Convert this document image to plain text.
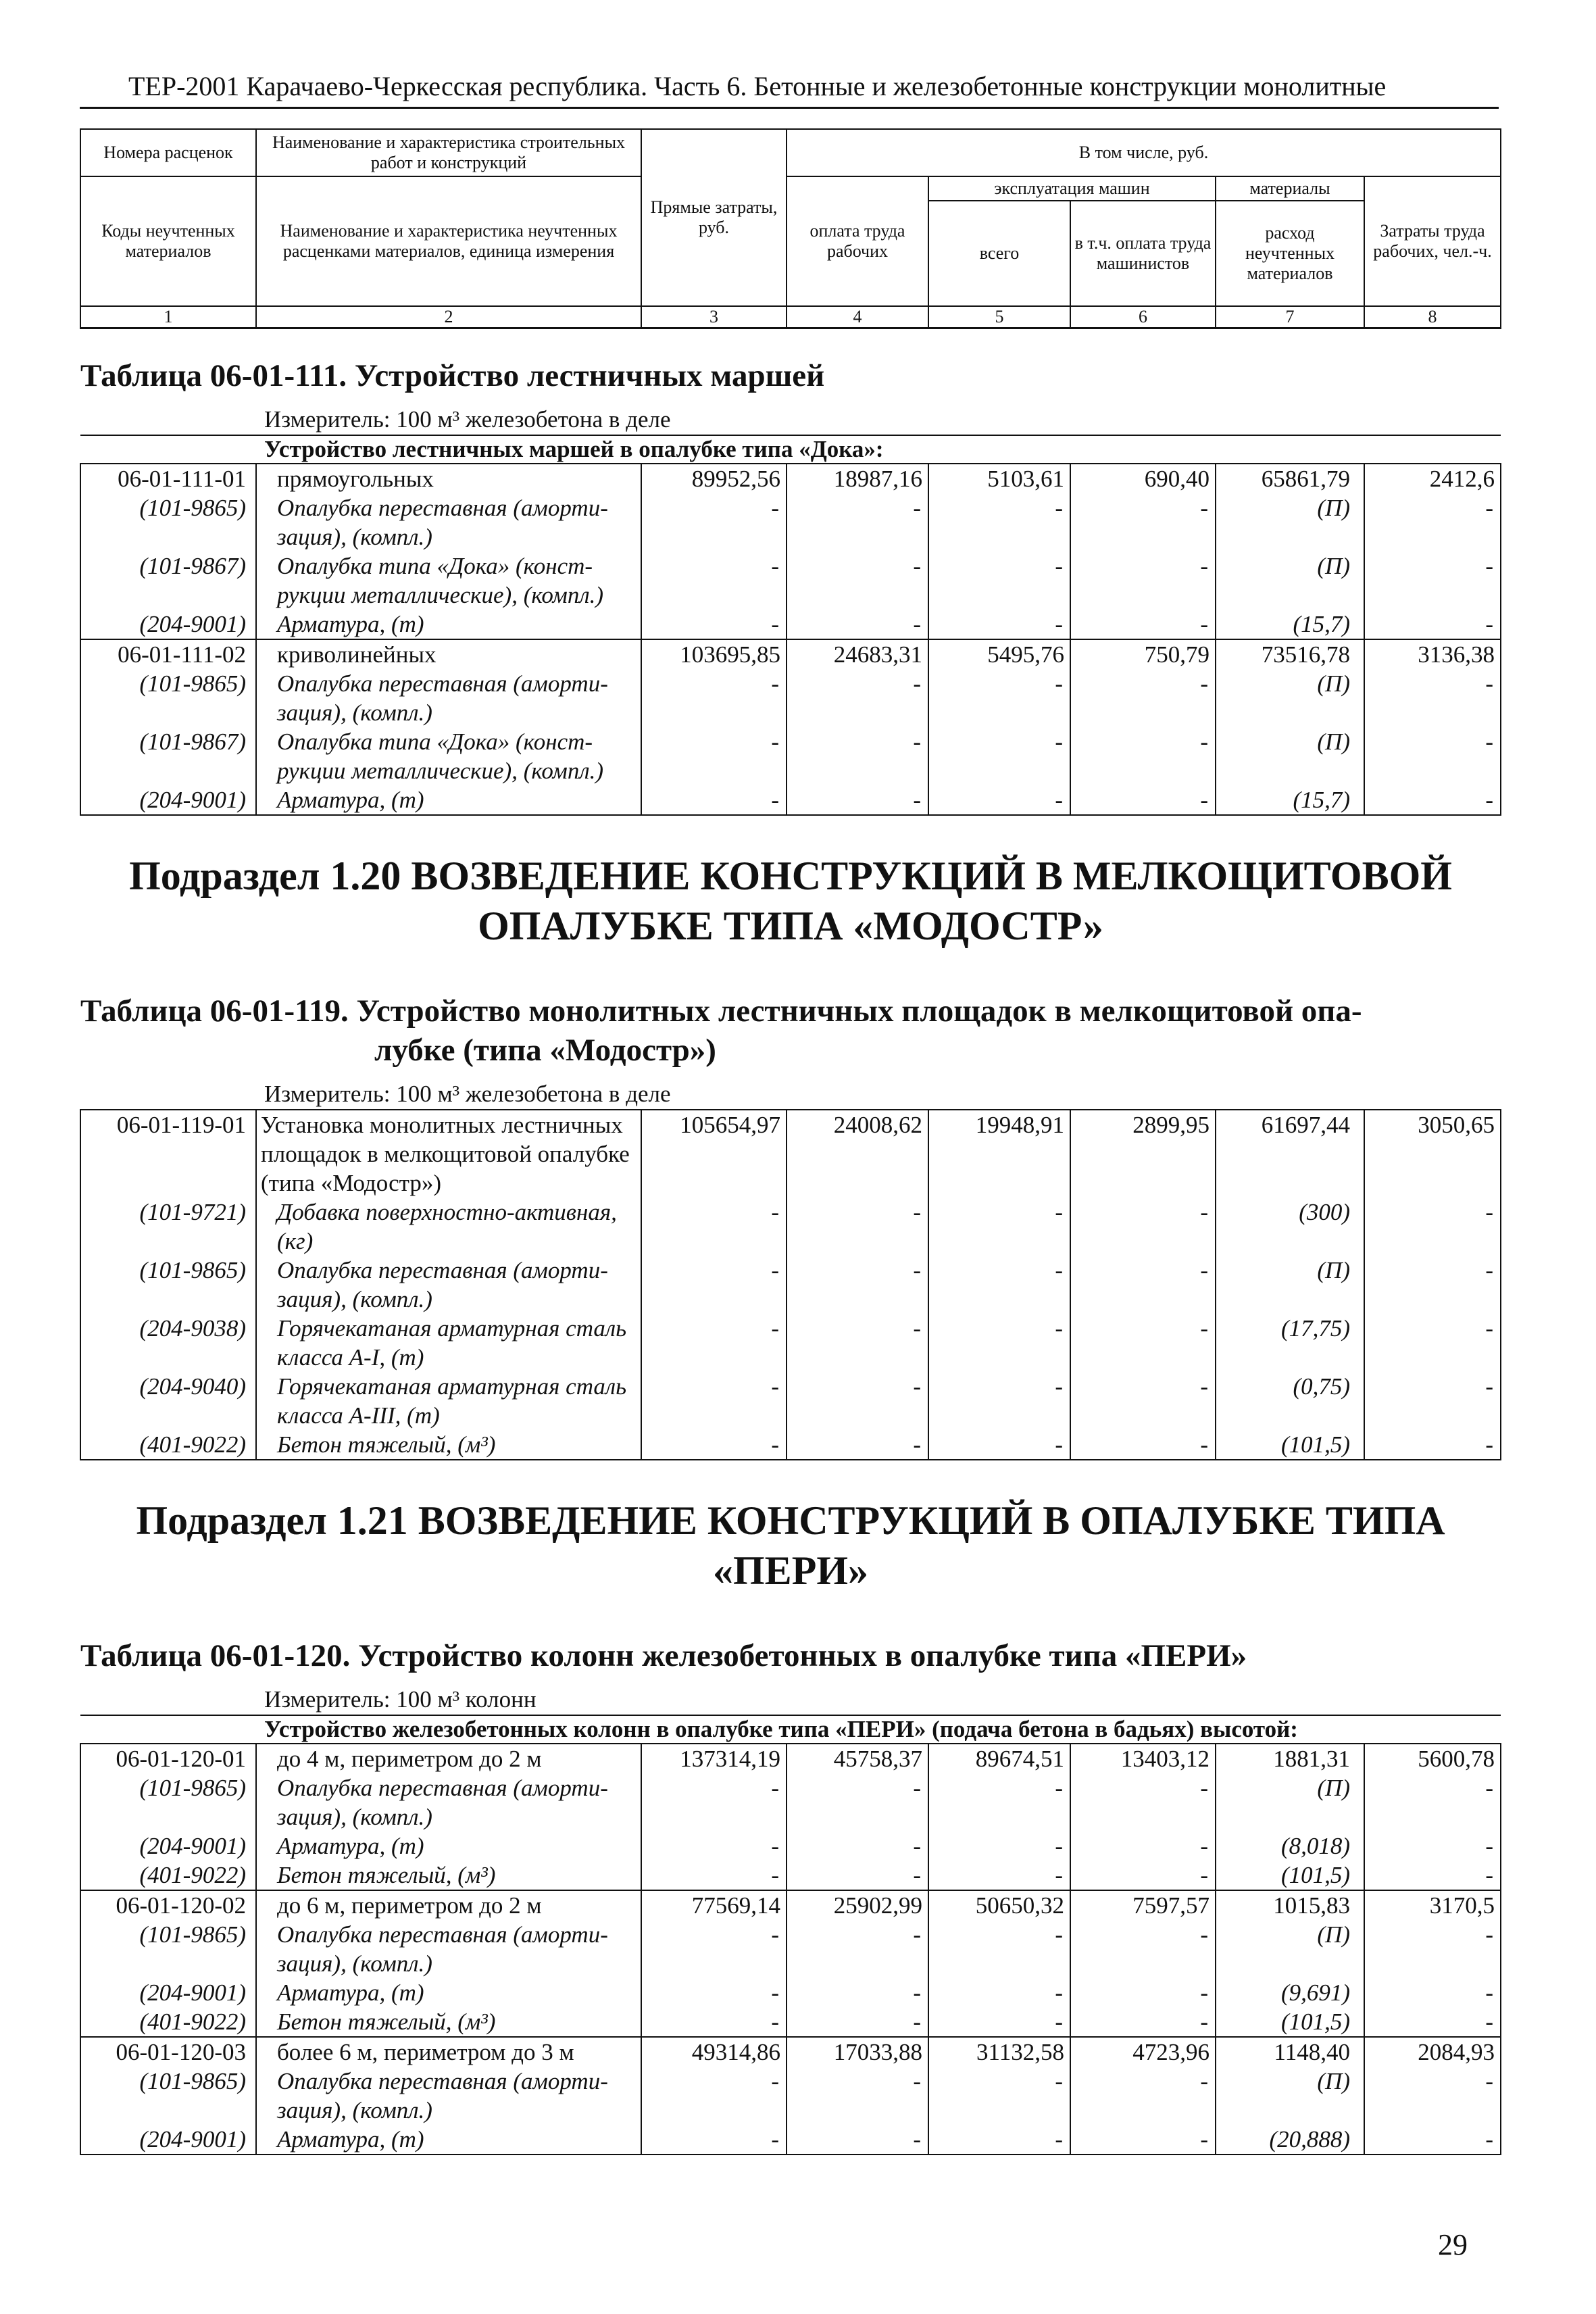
ТЕР-2001 Карачаево-Черкесская республика. Часть 6. Бетонные и железобетонные конструкции монолитные
Номера расценок	Наименование и характеристика строительных работ и конструкций	Прямые затраты, руб.	В том числе, руб.				
Коды неучтенных материалов	Наименование и характеристика неучтенных расценками материалов, единица измерения		оплата труда рабочих	эксплуатация машин		материалы	Затраты труда рабочих, чел.-ч.
				всего	в т.ч. оплата труда машинистов	расход неучтенных материалов	
1	2	3	4	5	6	7	8
Таблица 06-01-111. Устройство лестничных маршей							
Измеритель: 100 м³ железобетона в деле							
Устройство лестничных маршей в опалубке типа «Дока»:							
06-01-111-01	прямоугольных	89952,56	18987,16	5103,61	690,40	65861,79	2412,6
(101-9865)	Опалубка переставная (аморти-зация), (компл.)	-	-	-	-	(П)	-
(101-9867)	Опалубка типа «Дока» (конст-рукции металлические), (компл.)	-	-	-	-	(П)	-
(204-9001)	Арматура, (т)	-	-	-	-	(15,7)	-
06-01-111-02	криволинейных	103695,85	24683,31	5495,76	750,79	73516,78	3136,38
(101-9865)	Опалубка переставная (аморти-зация), (компл.)	-	-	-	-	(П)	-
(101-9867)	Опалубка типа «Дока» (конст-рукции металлические), (компл.)	-	-	-	-	(П)	-
(204-9001)	Арматура, (т)	-	-	-	-	(15,7)	-
Подраздел 1.20 ВОЗВЕДЕНИЕ КОНСТРУКЦИЙ В МЕЛКОЩИТОВОЙ ОПАЛУБКЕ ТИПА «МОДОСТР»							
Таблица 06-01-119. Устройство монолитных лестничных площадок в мелкощитовой опа-
лубке (типа «Модостр»)							
Измеритель: 100 м³ железобетона в деле							
06-01-119-01	Установка монолитных лестничных площадок в мелкощитовой опалубке (типа «Модостр»)	105654,97	24008,62	19948,91	2899,95	61697,44	3050,65
(101-9721)	Добавка поверхностно-активная, (кг)	-	-	-	-	(300)	-
(101-9865)	Опалубка переставная (аморти-зация), (компл.)	-	-	-	-	(П)	-
(204-9038)	Горячекатаная арматурная сталь класса А-I, (т)	-	-	-	-	(17,75)	-
(204-9040)	Горячекатаная арматурная сталь класса А-III, (т)	-	-	-	-	(0,75)	-
(401-9022)	Бетон тяжелый, (м³)	-	-	-	-	(101,5)	-
Подраздел 1.21 ВОЗВЕДЕНИЕ КОНСТРУКЦИЙ В ОПАЛУБКЕ ТИПА «ПЕРИ»							
Таблица 06-01-120. Устройство колонн железобетонных в опалубке типа «ПЕРИ»							
Измеритель: 100 м³ колонн							
Устройство железобетонных колонн в опалубке типа «ПЕРИ» (подача бетона в бадьях) высотой:							
06-01-120-01	до 4 м, периметром до 2 м	137314,19	45758,37	89674,51	13403,12	1881,31	5600,78
(101-9865)	Опалубка переставная (аморти-зация), (компл.)	-	-	-	-	(П)	-
(204-9001)	Арматура, (т)	-	-	-	-	(8,018)	-
(401-9022)	Бетон тяжелый, (м³)	-	-	-	-	(101,5)	-
06-01-120-02	до 6 м, периметром до 2 м	77569,14	25902,99	50650,32	7597,57	1015,83	3170,5
(101-9865)	Опалубка переставная (аморти-зация), (компл.)	-	-	-	-	(П)	-
(204-9001)	Арматура, (т)	-	-	-	-	(9,691)	-
(401-9022)	Бетон тяжелый, (м³)	-	-	-	-	(101,5)	-
06-01-120-03	более 6 м, периметром до 3 м	49314,86	17033,88	31132,58	4723,96	1148,40	2084,93
(101-9865)	Опалубка переставная (аморти-зация), (компл.)	-	-	-	-	(П)	-
(204-9001)	Арматура, (т)	-	-	-	-	(20,888)	-
29
